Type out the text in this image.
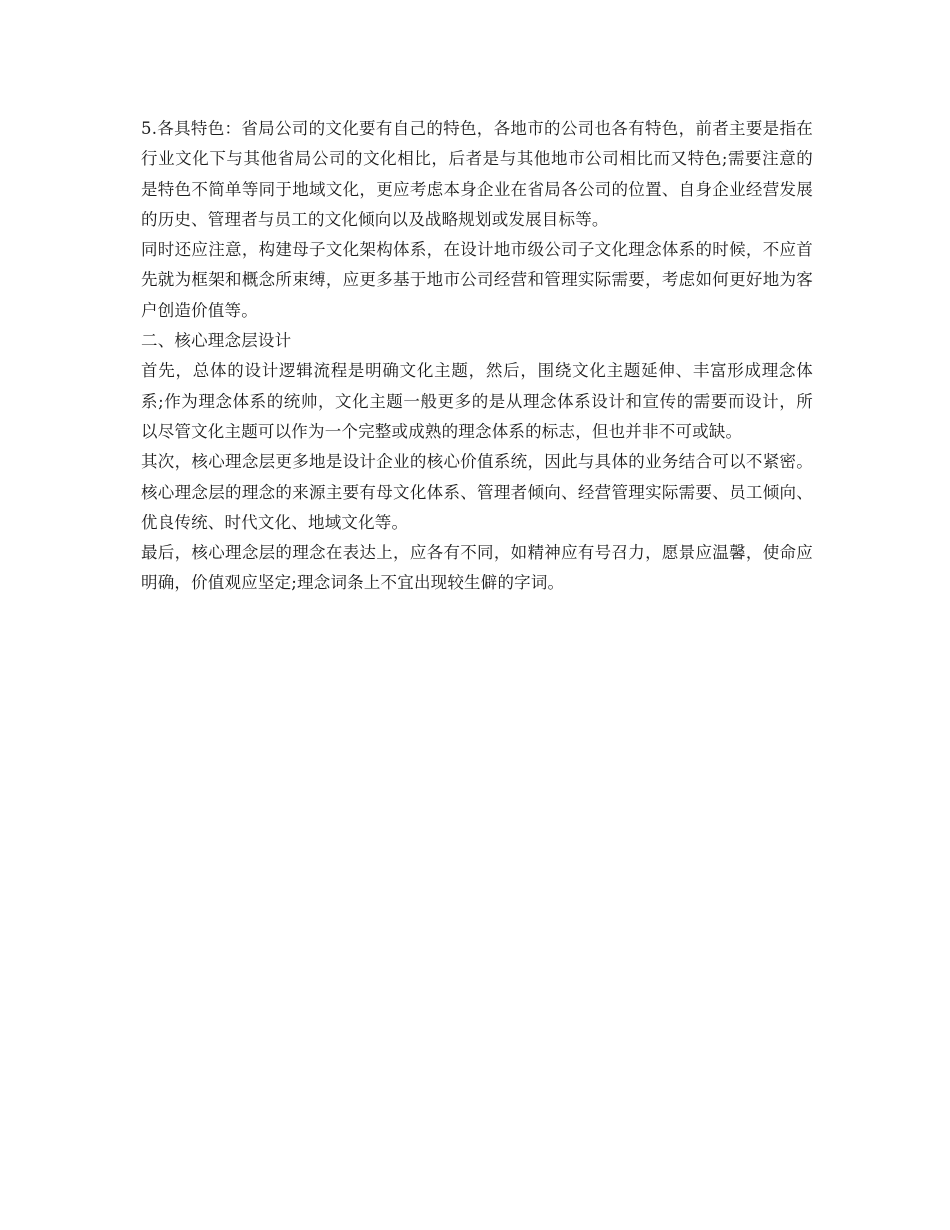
5.各具特色：省局公司的文化要有自己的特色，各地市的公司也各有特色，前者主要是指在行业文化下与其他省局公司的文化相比，后者是与其他地市公司相比而又特色;需要注意的是特色不简单等同于地域文化，更应考虑本身企业在省局各公司的位置、自身企业经营发展的历史、管理者与员工的文化倾向以及战略规划或发展目标等。

同时还应注意，构建母子文化架构体系，在设计地市级公司子文化理念体系的时候，不应首先就为框架和概念所束缚，应更多基于地市公司经营和管理实际需要，考虑如何更好地为客户创造价值等。

二、核心理念层设计

首先，总体的设计逻辑流程是明确文化主题，然后，围绕文化主题延伸、丰富形成理念体系;作为理念体系的统帅，文化主题一般更多的是从理念体系设计和宣传的需要而设计，所以尽管文化主题可以作为一个完整或成熟的理念体系的标志，但也并非不可或缺。

其次，核心理念层更多地是设计企业的核心价值系统，因此与具体的业务结合可以不紧密。核心理念层的理念的来源主要有母文化体系、管理者倾向、经营管理实际需要、员工倾向、优良传统、时代文化、地域文化等。

最后，核心理念层的理念在表达上，应各有不同，如精神应有号召力，愿景应温馨，使命应明确，价值观应坚定;理念词条上不宜出现较生僻的字词。
